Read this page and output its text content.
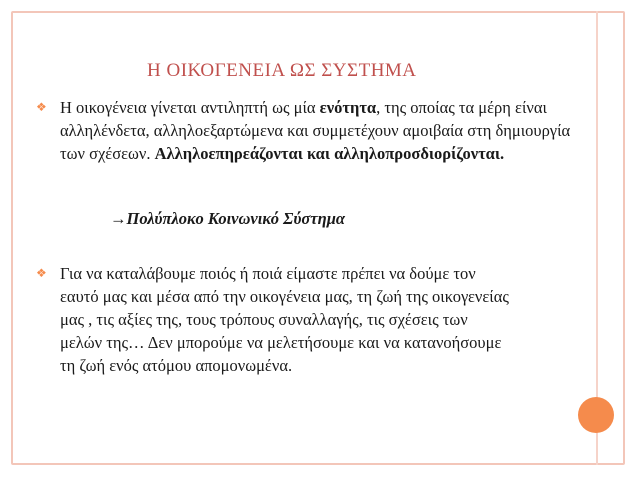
Η ΟΙΚΟΓΕΝΕΙΑ ΩΣ ΣΥΣΤΗΜΑ
❖ Η οικογένεια γίνεται αντιληπτή ως μία ενότητα, της οποίας τα μέρη είναι αλληλένδετα, αλληλοεξαρτώμενα και συμμετέχουν αμοιβαία στη δημιουργία των σχέσεων. Αλληλοεπηρεάζονται και αλληλοπροσδιορίζονται.
→Πολύπλοκο Κοινωνικό Σύστημα
❖ Για να καταλάβουμε ποιός ή ποιά είμαστε πρέπει να δούμε τον εαυτό μας και μέσα από την οικογένεια μας, τη ζωή της οικογενείας μας , τις αξίες της, τους τρόπους συναλλαγής, τις σχέσεις των μελών της… Δεν μπορούμε να μελετήσουμε και να κατανοήσουμε τη ζωή ενός ατόμου απομονωμένα.
